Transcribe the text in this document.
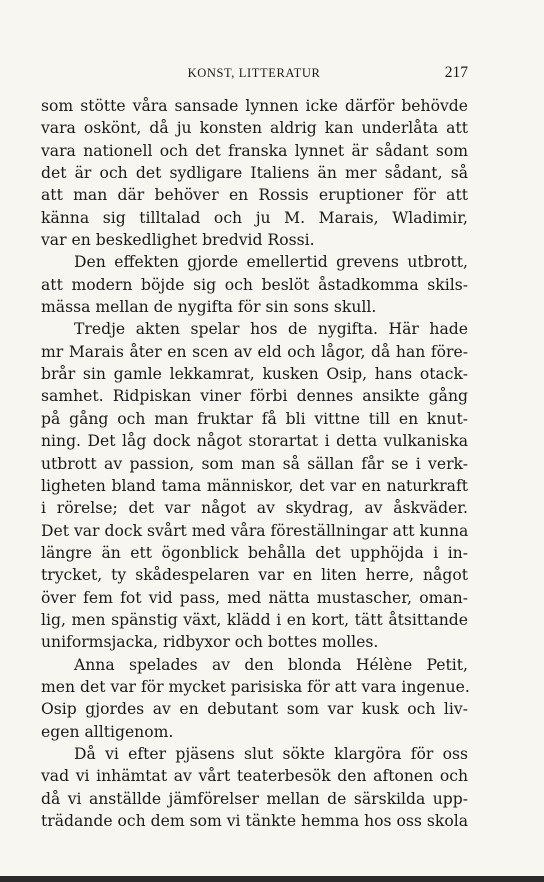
KONST, LITTERATUR	217
som stötte våra sansade lynnen icke därför behövde
vara oskönt, då ju konsten aldrig kan underlåta att
vara nationell och det franska lynnet är sådant som
det är och det sydligare Italiens än mer sådant, så
att man där behöver en Rossis eruptioner för att
känna sig tilltalad och ju M. Marais, Wladimir,
var en beskedlighet bredvid Rossi.
Den effekten gjorde emellertid grevens utbrott,
att modern böjde sig och beslöt åstadkomma skils-
mässa mellan de nygifta för sin sons skull.
Tredje akten spelar hos de nygifta. Här hade
mr Marais åter en scen av eld och lågor, då han före-
brår sin gamle lekkamrat, kusken Osip, hans otack-
samhet. Ridpiskan viner förbi dennes ansikte gång
på gång och man fruktar få bli vittne till en knut-
ning. Det låg dock något storartat i detta vulkaniska
utbrott av passion, som man så sällan får se i verk-
ligheten bland tama människor, det var en naturkraft
i rörelse; det var något av skydrag, av åskväder.
Det var dock svårt med våra föreställningar att kunna
längre än ett ögonblick behålla det upphöjda i in-
trycket, ty skådespelaren var en liten herre, något
över fem fot vid pass, med nätta mustascher, oman-
lig, men spänstig växt, klädd i en kort, tätt åtsittande
uniformsjacka, ridbyxor och bottes molles.
Anna spelades av den blonda Hélène Petit,
men det var för mycket parisiska för att vara ingenue.
Osip gjordes av en debutant som var kusk och liv-
egen alltigenom.
Då vi efter pjäsens slut sökte klargöra för oss
vad vi inhämtat av vårt teaterbesök den aftonen och
då vi anställde jämförelser mellan de särskilda upp-
trädande och dem som vi tänkte hemma hos oss skola
